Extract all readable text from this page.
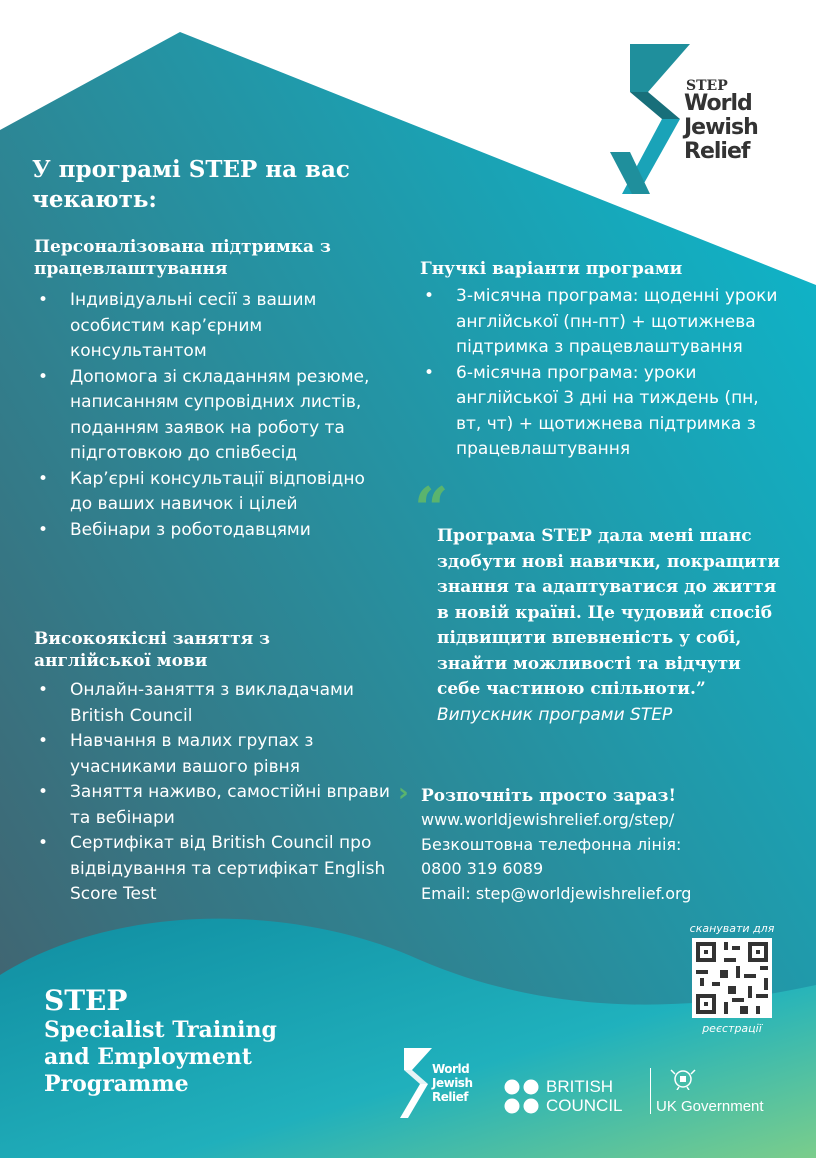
STEP
World
Jewish
Relief
У програмі STEP на вас
чекають:
Персоналізована підтримка з
працевлаштування
• Індивідуальні сесії з вашим особистим кар’єрним консультантом
• Допомога зі складанням резюме, написанням супровідних листів, поданням заявок на роботу та підготовкою до співбесід
• Кар’єрні консультації відповідно до ваших навичок і цілей
• Вебінари з роботодавцями
Високоякісні заняття з
англійської мови
• Онлайн-заняття з викладачами British Council
• Навчання в малих групах з учасниками вашого рівня
• Заняття наживо, самостійні вправи та вебінари
• Сертифікат від British Council про відвідування та сертифікат English Score Test
Гнучкі варіанти програми
• 3-місячна програма: щоденні уроки англійської (пн-пт) + щотижнева підтримка з працевлаштування
• 6-місячна програма: уроки англійської 3 дні на тиждень (пн, вт, чт) + щотижнева підтримка з працевлаштування
“
Програма STEP дала мені шанс здобути нові навички, покращити знання та адаптуватися до життя в новій країні. Це чудовий спосіб підвищити впевненість у собі, знайти можливості та відчути себе частиною спільноти.”
Випускник програми STEP
› Розпочніть просто зараз!
www.worldjewishrelief.org/step/
Безкоштовна телефонна лінія:
0800 319 6089
Email: step@worldjewishrelief.org
сканувати для
реєстрації
STEP
Specialist Training
and Employment
Programme
World
Jewish
Relief
BRITISH
COUNCIL UK Government
